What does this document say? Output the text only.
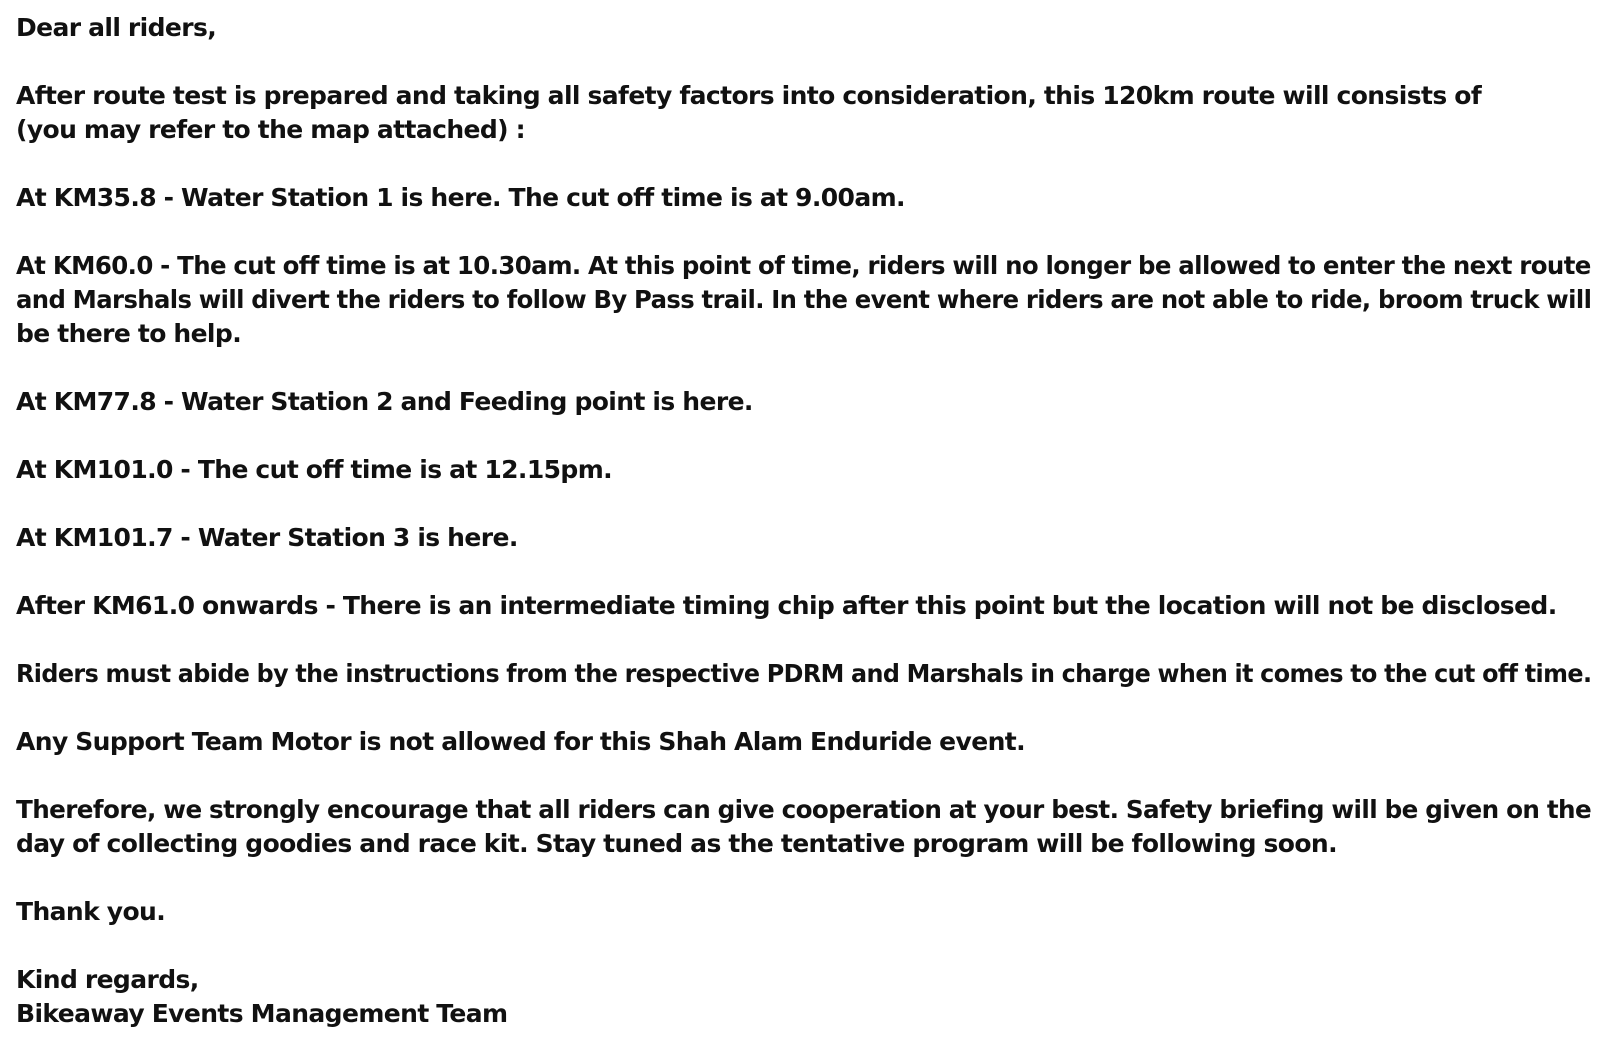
Dear all riders,
After route test is prepared and taking all safety factors into consideration, this 120km route will consists of
(you may refer to the map attached) :
At KM35.8 - Water Station 1 is here. The cut off time is at 9.00am.
At KM60.0 - The cut off time is at 10.30am. At this point of time, riders will no longer be allowed to enter the next route
and Marshals will divert the riders to follow By Pass trail. In the event where riders are not able to ride, broom truck will
be there to help.
At KM77.8 - Water Station 2 and Feeding point is here.
At KM101.0 - The cut off time is at 12.15pm.
At KM101.7 - Water Station 3 is here.
After KM61.0 onwards - There is an intermediate timing chip after this point but the location will not be disclosed.
Riders must abide by the instructions from the respective PDRM and Marshals in charge when it comes to the cut off time.
Any Support Team Motor is not allowed for this Shah Alam Enduride event.
Therefore, we strongly encourage that all riders can give cooperation at your best. Safety briefing will be given on the
day of collecting goodies and race kit. Stay tuned as the tentative program will be following soon.
Thank you.
Kind regards,
Bikeaway Events Management Team
